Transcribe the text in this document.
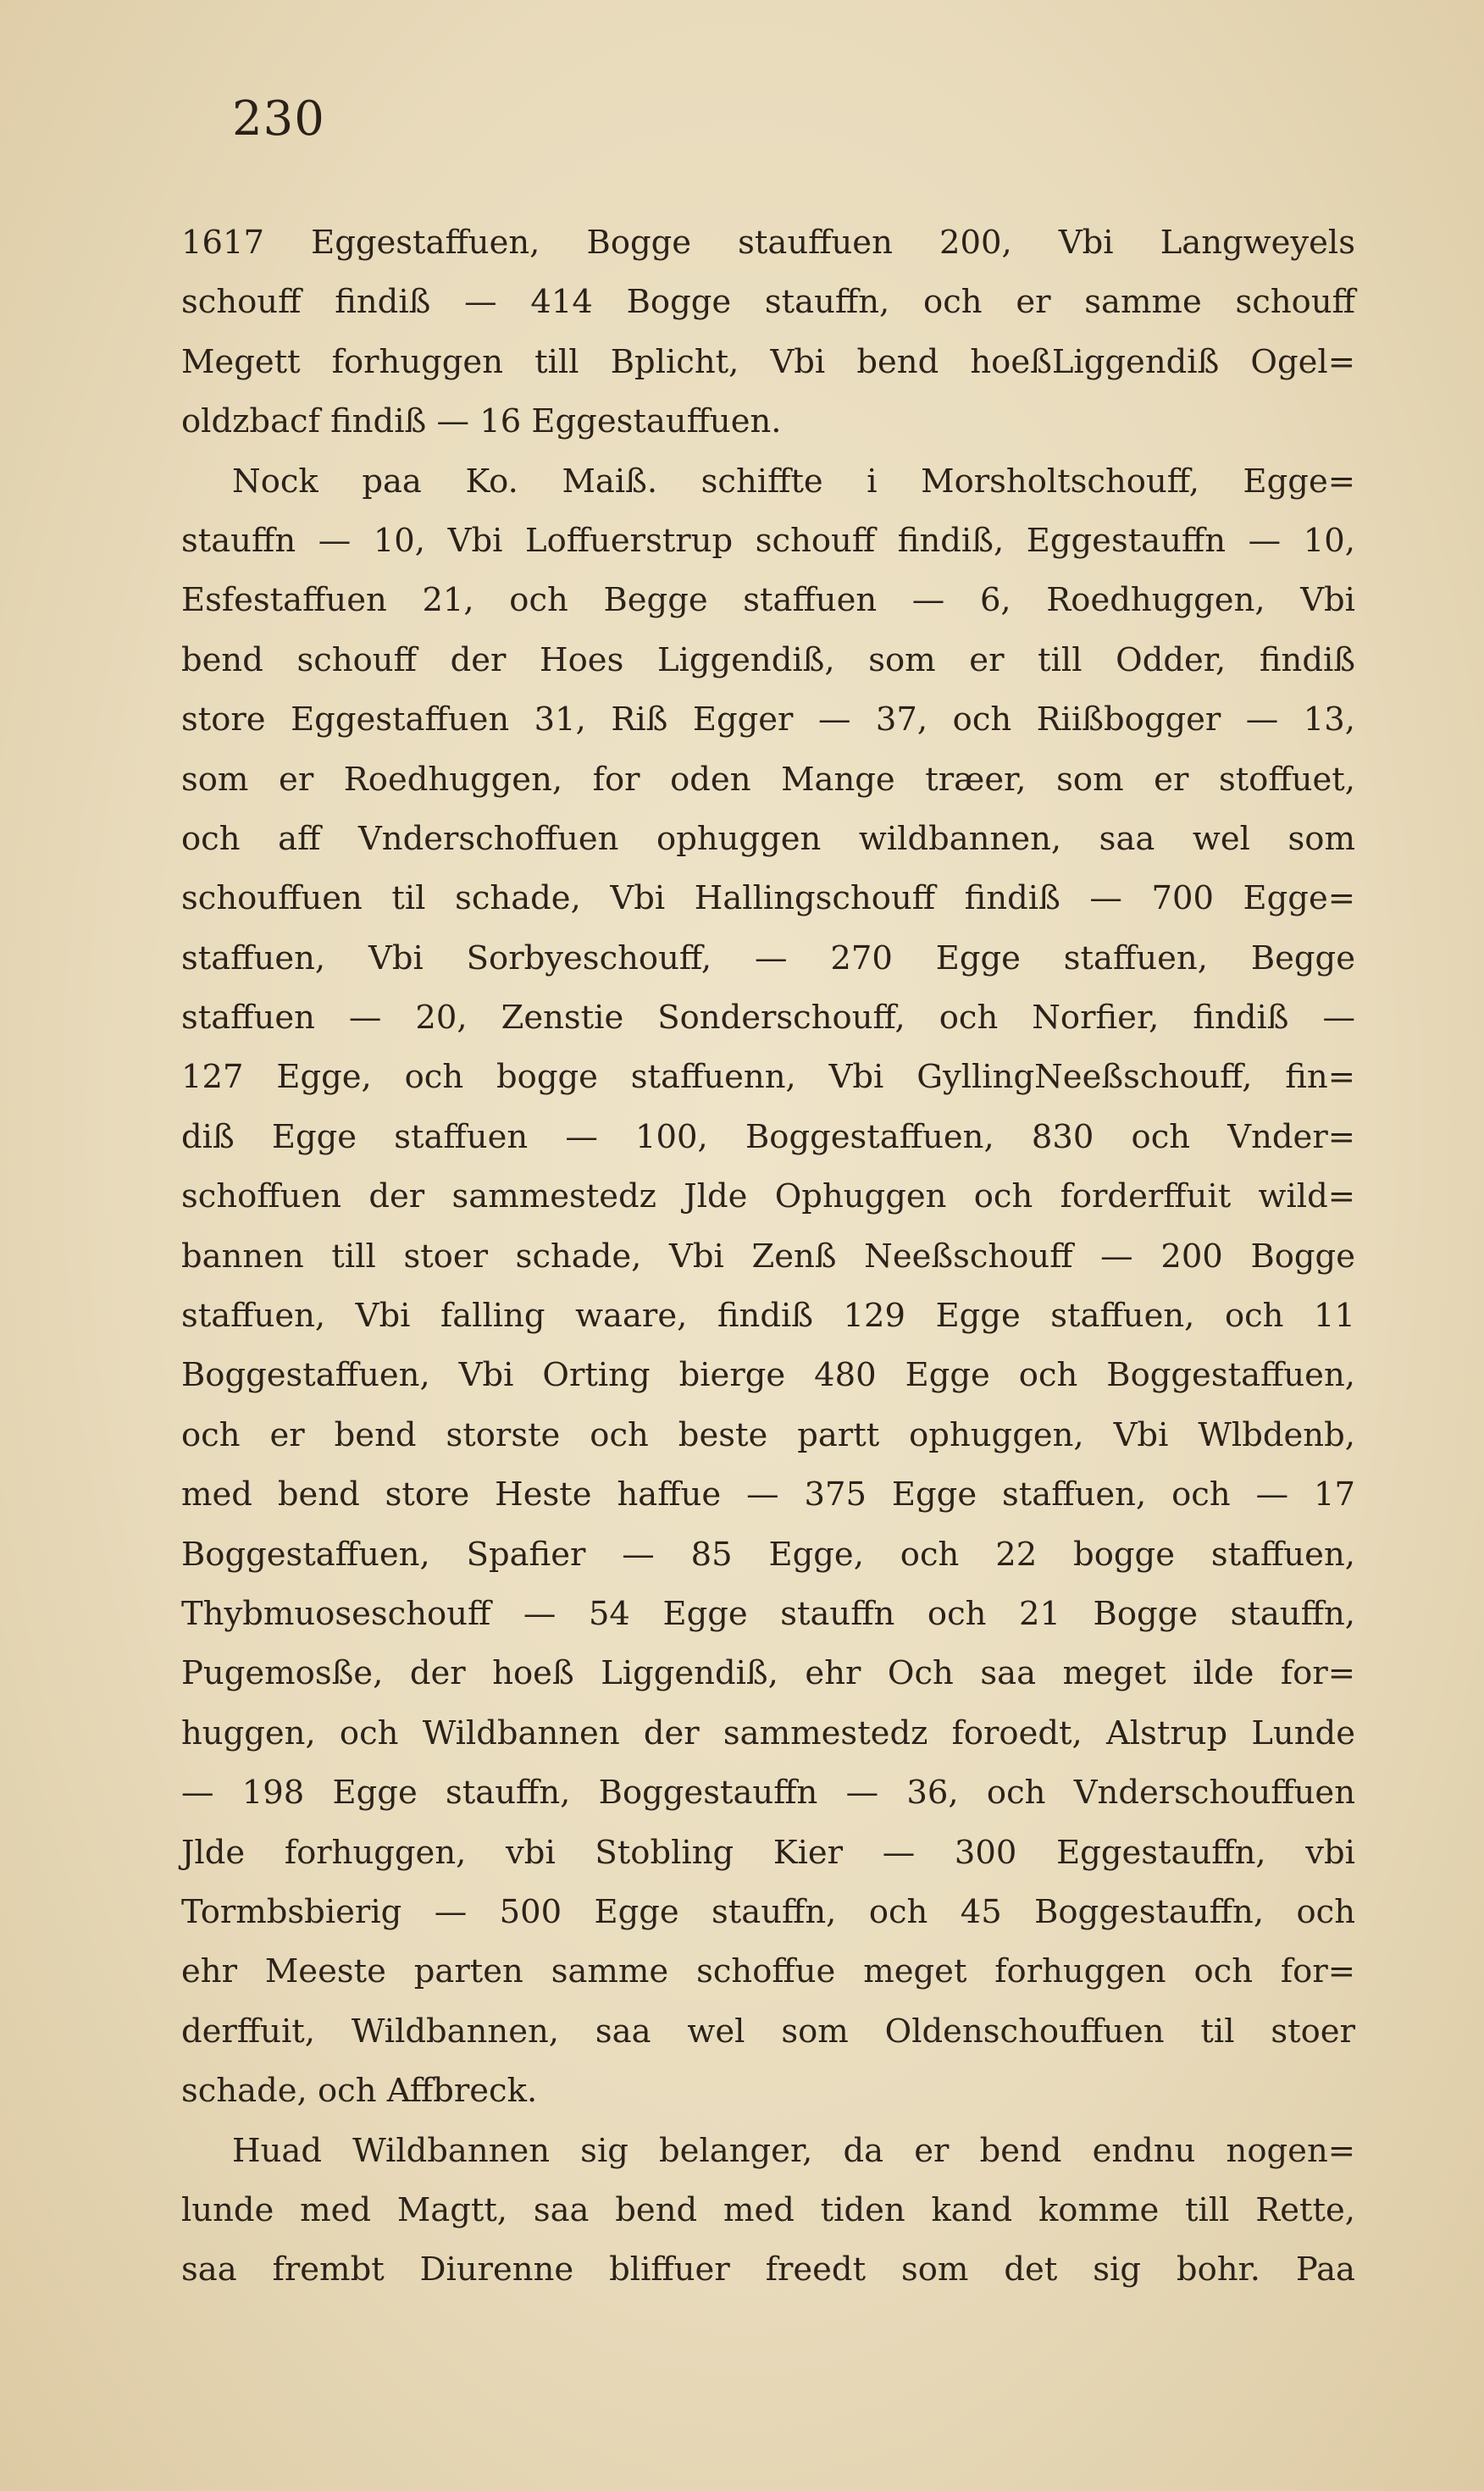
230
1617 Eggestaffuen, Bogge stauffuen 200, Vbi Langweyels
schouff findiß — 414 Bogge stauffn, och er samme schouff
Megett forhuggen till Bplicht, Vbi bend hoeßLiggendiß Ogel=
oldzbacf findiß — 16 Eggestauffuen.
Nock paa Ko. Maiß. schiffte i Morsholtschouff, Egge=
stauffn — 10, Vbi Loffuerstrup schouff findiß, Eggestauffn — 10,
Esfestaffuen 21, och Begge staffuen — 6, Roedhuggen, Vbi
bend schouff der Hoes Liggendiß, som er till Odder, findiß
store Eggestaffuen 31, Riß Egger — 37, och Riißbogger — 13,
som er Roedhuggen, for oden Mange træer, som er stoffuet,
och aff Vnderschoffuen ophuggen wildbannen, saa wel som
schouffuen til schade, Vbi Hallingschouff findiß — 700 Egge=
staffuen, Vbi Sorbyeschouff, — 270 Egge staffuen, Begge
staffuen — 20, Zenstie Sonderschouff, och Norfier, findiß —
127 Egge, och bogge staffuenn, Vbi GyllingNeeßschouff, fin=
diß Egge staffuen — 100, Boggestaffuen, 830 och Vnder=
schoffuen der sammestedz Jlde Ophuggen och forderffuit wild=
bannen till stoer schade, Vbi Zenß Neeßschouff — 200 Bogge
staffuen, Vbi falling waare, findiß 129 Egge staffuen, och 11
Boggestaffuen, Vbi Orting bierge 480 Egge och Boggestaffuen,
och er bend storste och beste partt ophuggen, Vbi Wlbdenb,
med bend store Heste haffue — 375 Egge staffuen, och — 17
Boggestaffuen, Spafier — 85 Egge, och 22 bogge staffuen,
Thybmuoseschouff — 54 Egge stauffn och 21 Bogge stauffn,
Pugemosße, der hoeß Liggendiß, ehr Och saa meget ilde for=
huggen, och Wildbannen der sammestedz foroedt, Alstrup Lunde
— 198 Egge stauffn, Boggestauffn — 36, och Vnderschouffuen
Jlde forhuggen, vbi Stobling Kier — 300 Eggestauffn, vbi
Tormbsbierig — 500 Egge stauffn, och 45 Boggestauffn, och
ehr Meeste parten samme schoffue meget forhuggen och for=
derffuit, Wildbannen, saa wel som Oldenschouffuen til stoer
schade, och Affbreck.
Huad Wildbannen sig belanger, da er bend endnu nogen=
lunde med Magtt, saa bend med tiden kand komme till Rette,
saa frembt Diurenne bliffuer freedt som det sig bohr. Paa
